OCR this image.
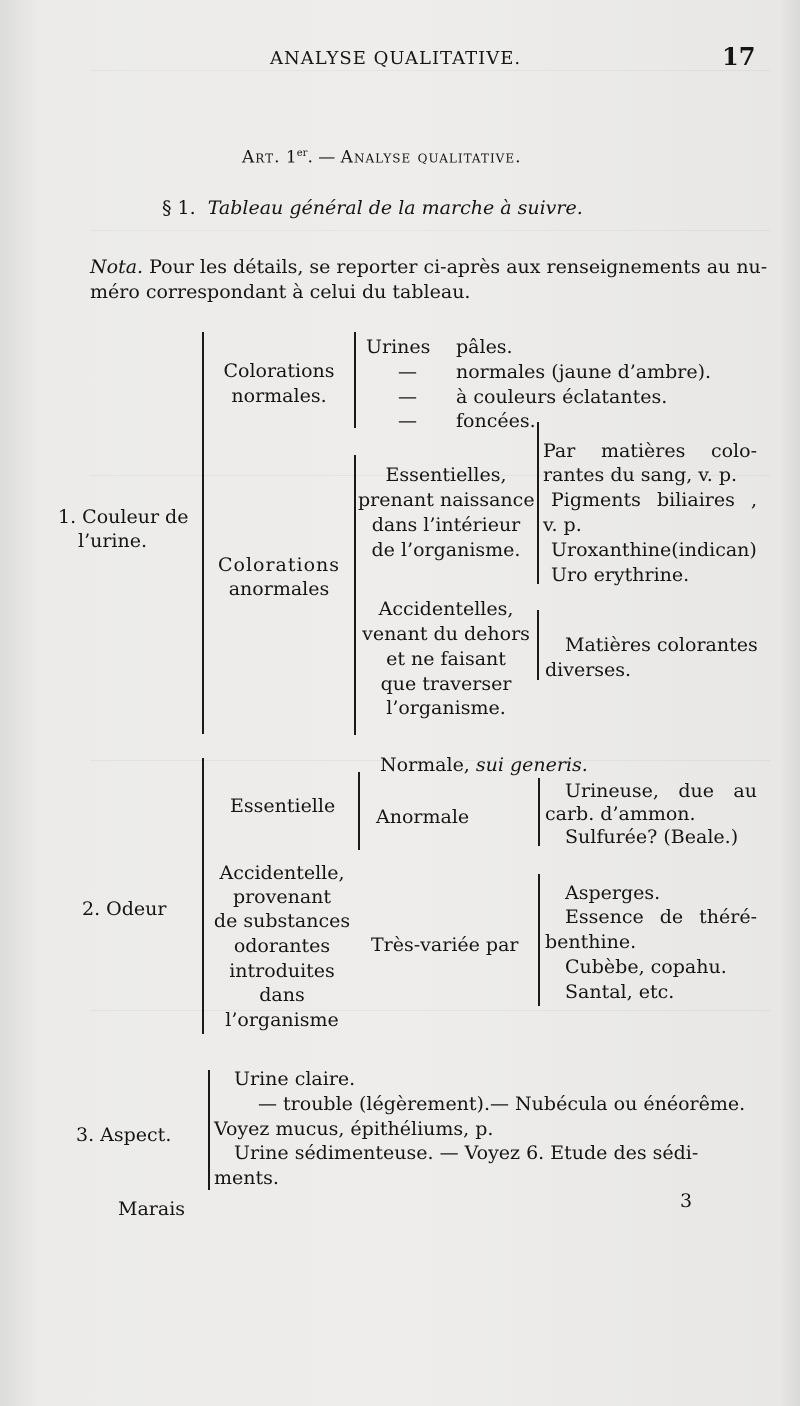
ANALYSE QUALITATIVE.	17
Art. 1er. — Analyse qualitative.
§ 1. Tableau général de la marche à suivre.
Nota. Pour les détails, se reporter ci-après aux renseignements au nu-
méro correspondant à celui du tableau.
1. Couleur de
l’urine.
Colorations
normales.
Urines pâles.
— normales (jaune d’ambre).
— à couleurs éclatantes.
— foncées.
Colorations
anormales
Essentielles,
prenant naissance
dans l’intérieur
de l’organisme.
Par matières colo-
rantes du sang, v. p.
Pigments biliaires ,
v. p.
Uroxanthine(indican)
Uro erythrine.
Accidentelles,
venant du dehors
et ne faisant
que traverser
l’organisme.
Matières colorantes
diverses.
2. Odeur
Essentielle
Normale, sui generis.
Anormale
Urineuse, due au
carb. d’ammon.
Sulfurée? (Beale.)
Accidentelle,
provenant
de substances
odorantes
introduites
dans
l’organisme
Très-variée par
Asperges.
Essence de théré-
benthine.
Cubèbe, copahu.
Santal, etc.
3. Aspect.
Urine claire.
— trouble (légèrement).— Nubécula ou énéorême.
Voyez mucus, épithéliums, p.
Urine sédimenteuse. — Voyez 6. Etude des sédi-
ments.
Marais	3
